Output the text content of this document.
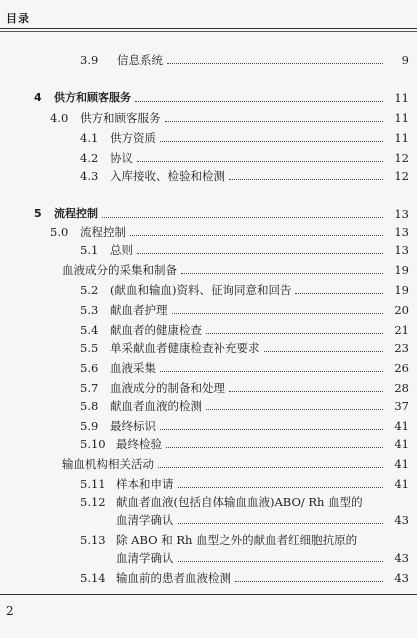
目录
3.9 信息系统	9
4 供方和顾客服务	11
4.0 供方和顾客服务	11
4.1 供方资质	11
4.2 协议	12
4.3 入库接收、检验和检测	12
5 流程控制	13
5.0 流程控制	13
5.1 总则	13
血液成分的采集和制备	19
5.2 (献血和输血)资料、征询同意和回告	19
5.3 献血者护理	20
5.4 献血者的健康检查	21
5.5 单采献血者健康检查补充要求	23
5.6 血液采集	26
5.7 血液成分的制备和处理	28
5.8 献血者血液的检测	37
5.9 最终标识	41
5.10 最终检验	41
输血机构相关活动	41
5.11 样本和申请	41
5.12 献血者血液(包括自体输血血液)ABO/ Rh 血型的
血清学确认	43
5.13 除 ABO 和 Rh 血型之外的献血者红细胞抗原的
血清学确认	43
5.14 输血前的患者血液检测	43
2
